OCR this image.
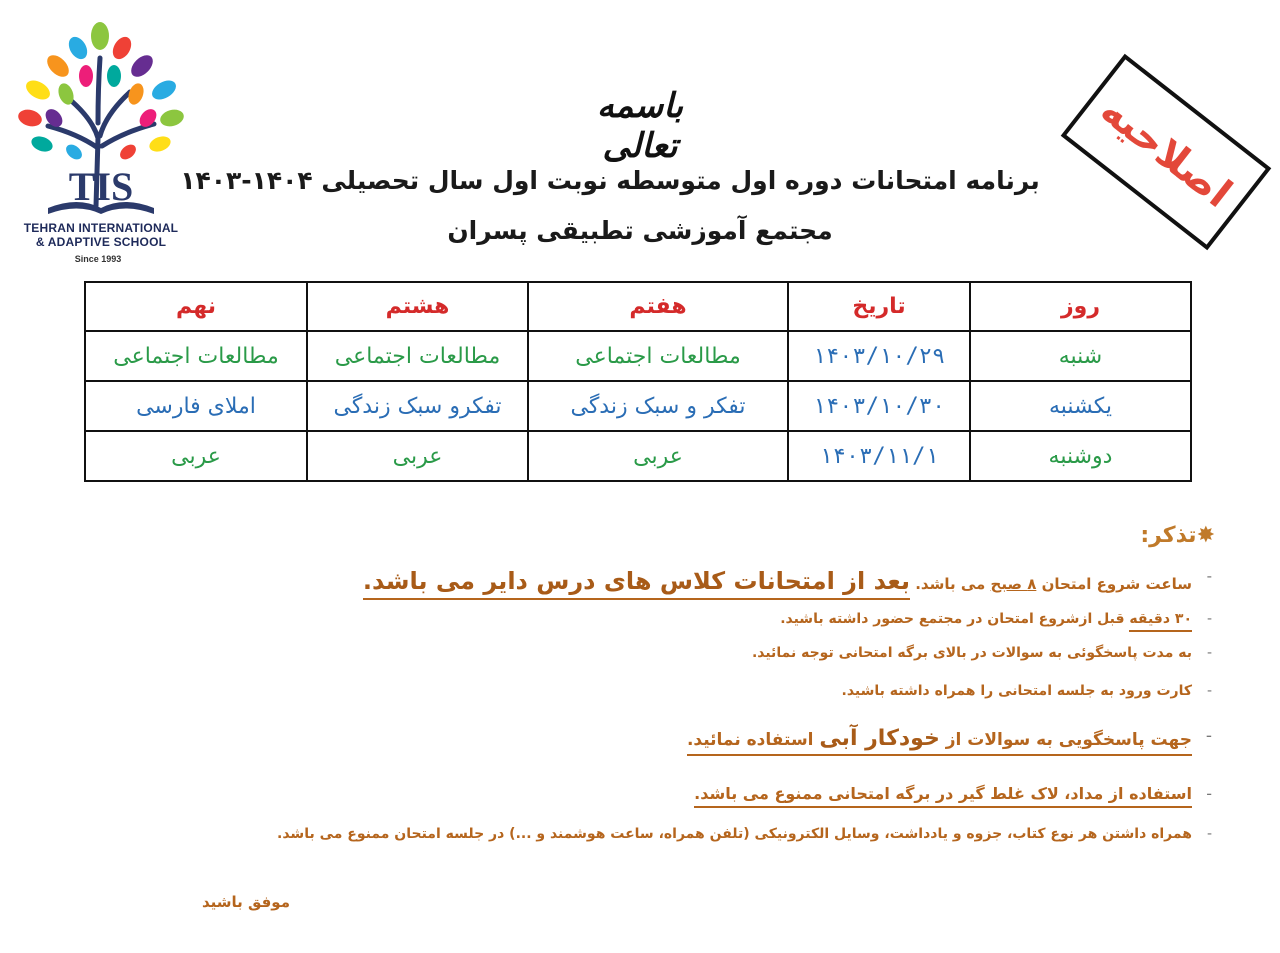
TIS
TEHRAN INTERNATIONAL
& ADAPTIVE SCHOOL
Since 1993
اصلاحیه
باسمه تعالی
برنامه امتحانات دوره اول متوسطه نوبت اول سال تحصیلی ۱۴۰۴-۱۴۰۳
مجتمع آموزشی تطبیقی پسران
روز	تاریخ	هفتم	هشتم	نهم
شنبه	۱۴۰۳/۱۰/۲۹	مطالعات اجتماعی	مطالعات اجتماعی	مطالعات اجتماعی
یکشنبه	۱۴۰۳/۱۰/۳۰	تفکر و سبک زندگی	تفکرو سبک زندگی	املای فارسی
دوشنبه	۱۴۰۳/۱۱/۱	عربی	عربی	عربی
✸تذکر:
-
ساعت شروع امتحان ۸ صبح می باشد. بعد از امتحانات کلاس های درس دایر می باشد.
-
۳۰ دقیقه قبل ازشروع امتحان در مجتمع حضور داشته باشید.
-
به مدت پاسخگوئی به سوالات در بالای برگه امتحانی توجه نمائید.
-
کارت ورود به جلسه امتحانی را همراه داشته باشید.
-
جهت پاسخگویی به سوالات از خودکار آبی استفاده نمائید.
-
استفاده از مداد، لاک غلط گیر در برگه امتحانی ممنوع می باشد.
-
همراه داشتن هر نوع کتاب، جزوه و یادداشت، وسایل الکترونیکی (تلفن همراه، ساعت هوشمند و ...) در جلسه امتحان ممنوع می باشد.
موفق باشید
